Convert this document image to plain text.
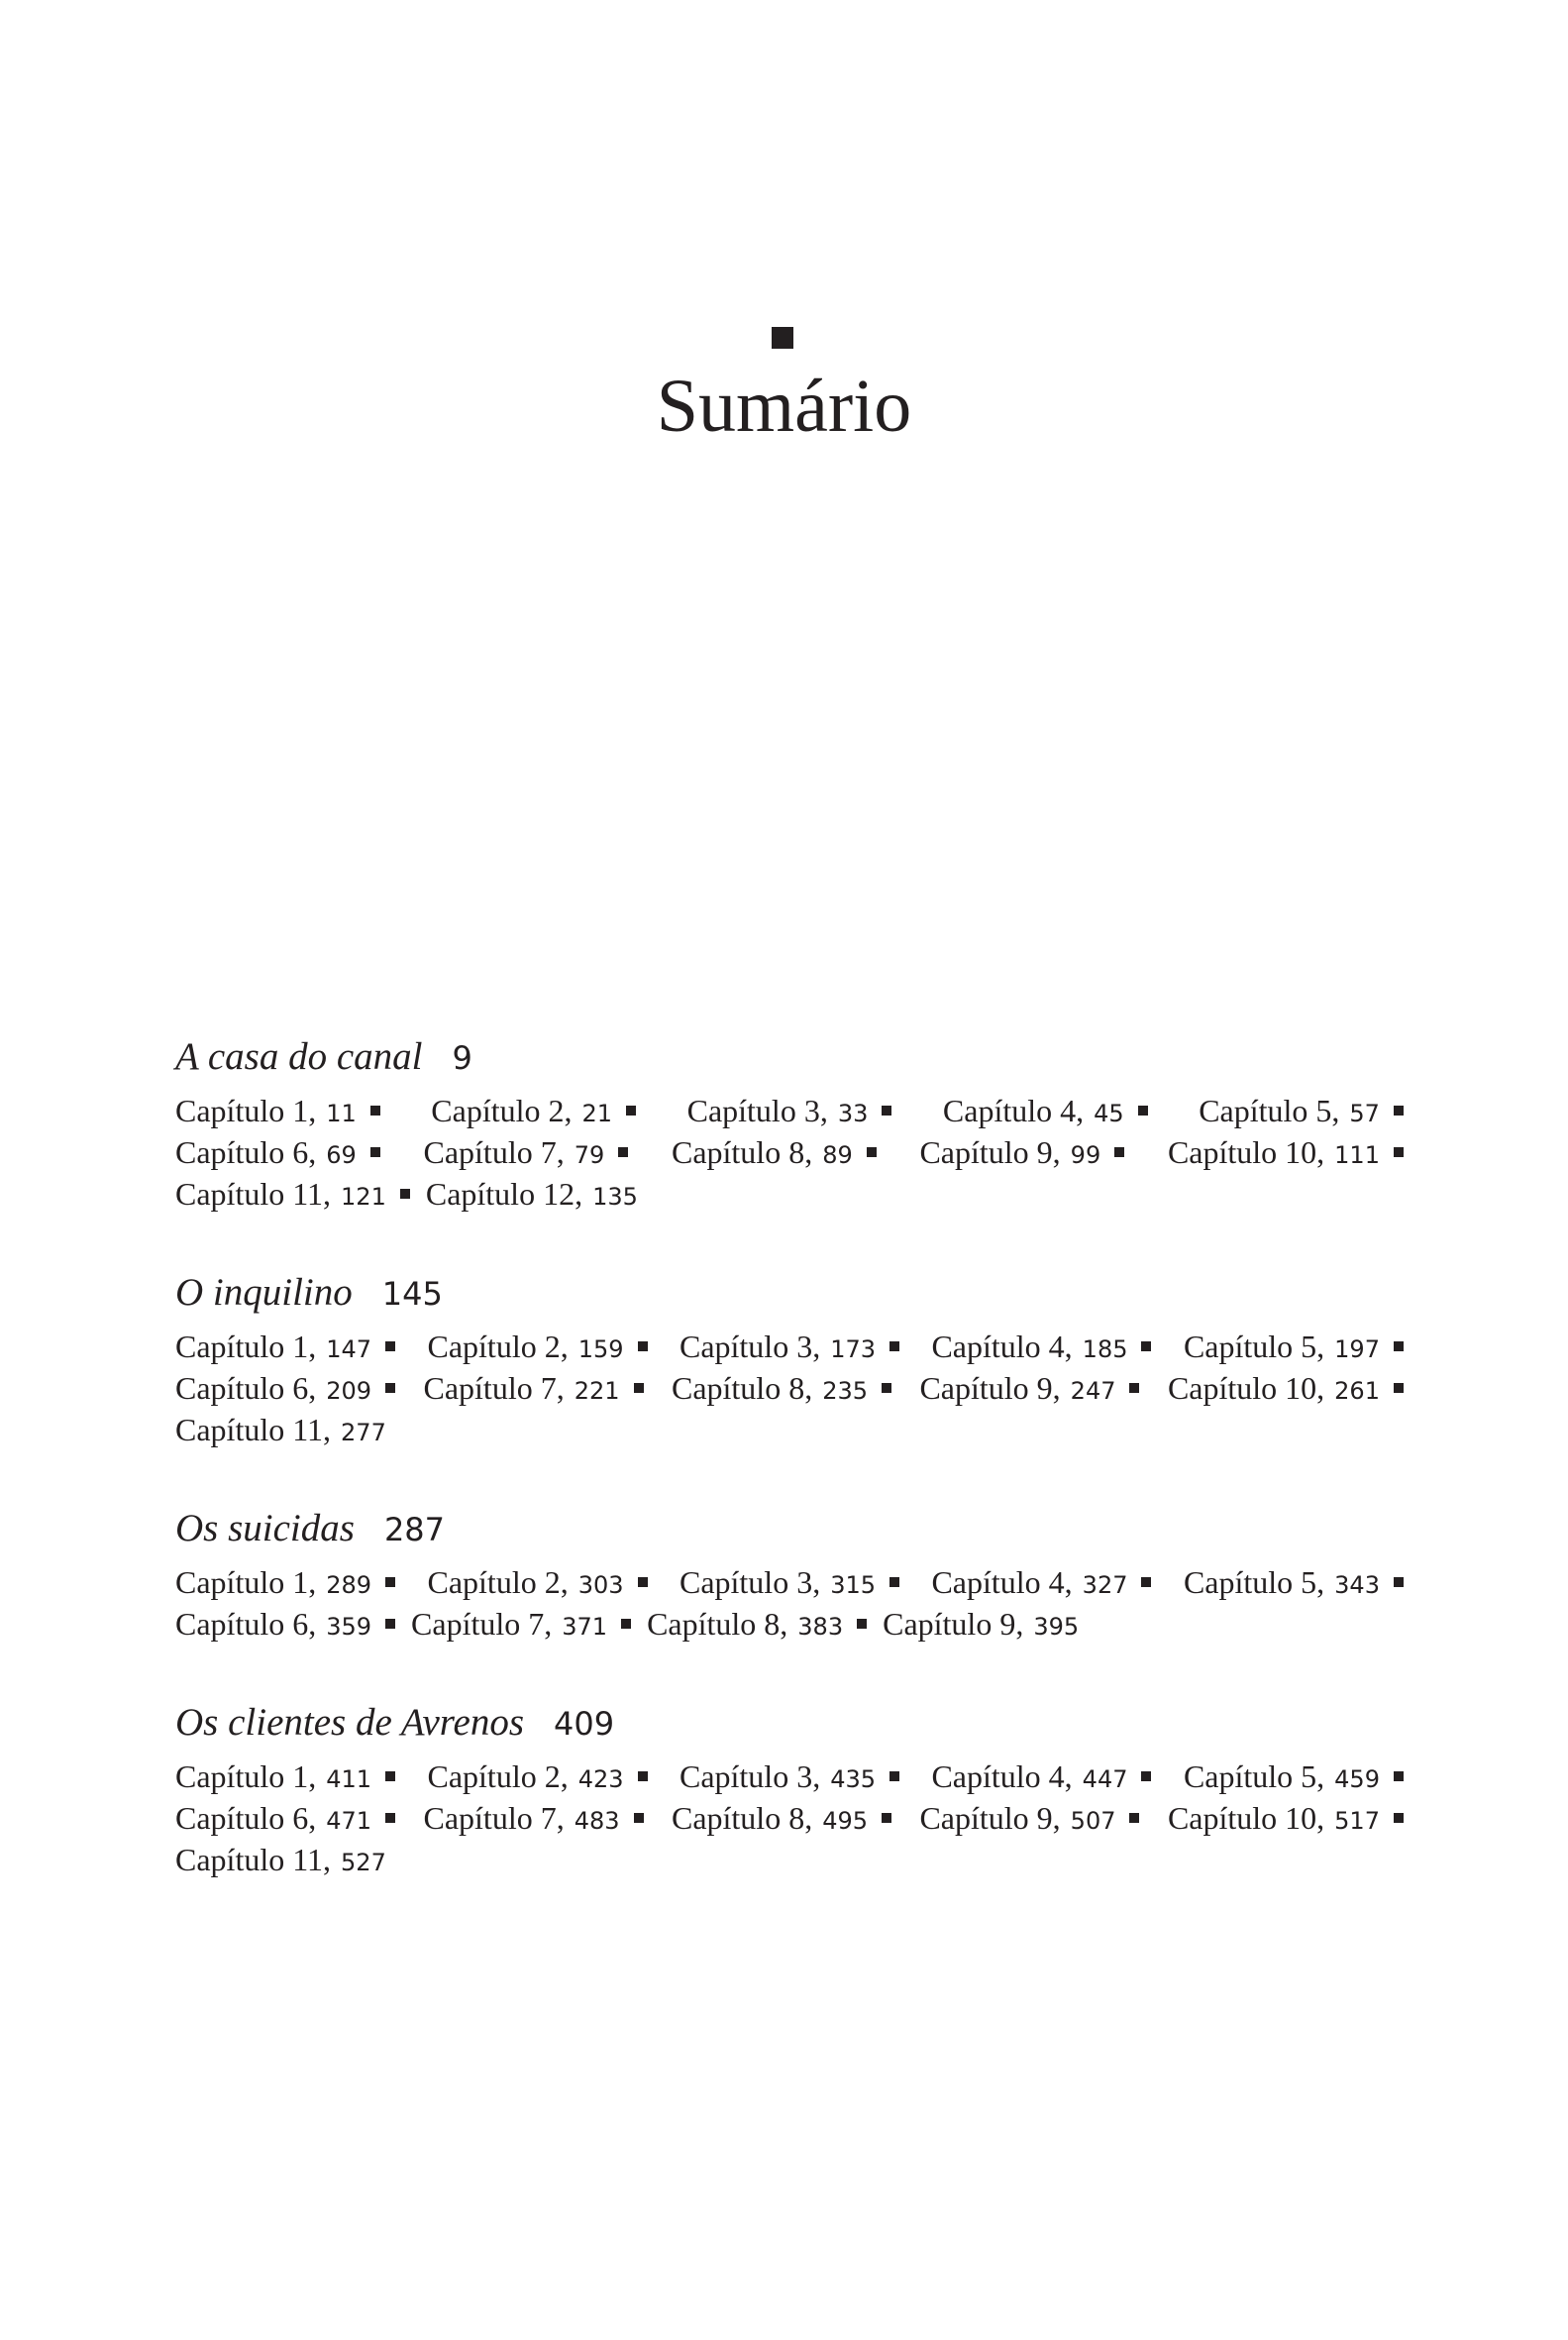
Sumário
A casa do canal 9
Capítulo 1, 11 Capítulo 2, 21 Capítulo 3, 33 Capítulo 4, 45 Capítulo 5, 57
Capítulo 6, 69 Capítulo 7, 79 Capítulo 8, 89 Capítulo 9, 99 Capítulo 10, 111
Capítulo 11, 121 Capítulo 12, 135
O inquilino 145
Capítulo 1, 147 Capítulo 2, 159 Capítulo 3, 173 Capítulo 4, 185 Capítulo 5, 197
Capítulo 6, 209 Capítulo 7, 221 Capítulo 8, 235 Capítulo 9, 247 Capítulo 10, 261
Capítulo 11, 277
Os suicidas 287
Capítulo 1, 289 Capítulo 2, 303 Capítulo 3, 315 Capítulo 4, 327 Capítulo 5, 343
Capítulo 6, 359 Capítulo 7, 371 Capítulo 8, 383 Capítulo 9, 395
Os clientes de Avrenos 409
Capítulo 1, 411 Capítulo 2, 423 Capítulo 3, 435 Capítulo 4, 447 Capítulo 5, 459
Capítulo 6, 471 Capítulo 7, 483 Capítulo 8, 495 Capítulo 9, 507 Capítulo 10, 517
Capítulo 11, 527
